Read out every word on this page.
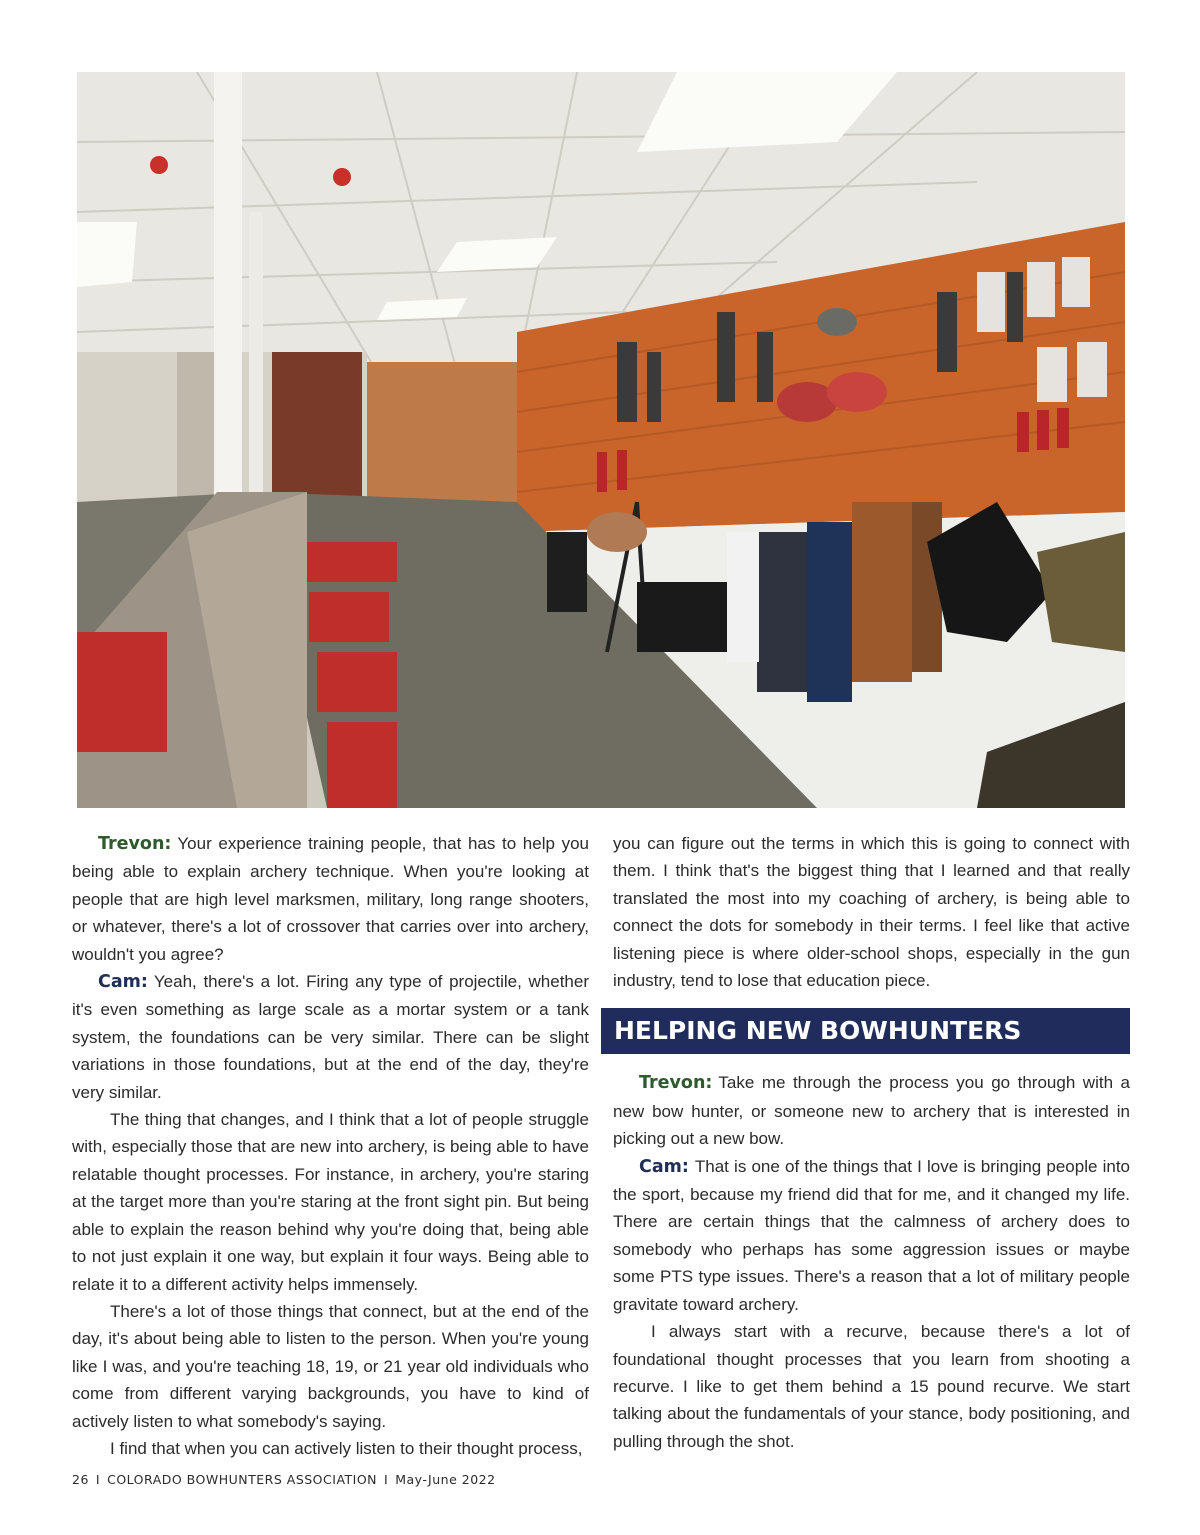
Trevon: Your experience training people, that has to help you being able to explain archery technique. When you're looking at people that are high level marksmen, military, long range shooters, or whatever, there's a lot of crossover that carries over into archery, wouldn't you agree?

Cam: Yeah, there's a lot. Firing any type of projectile, whether it's even something as large scale as a mortar system or a tank system, the foundations can be very similar. There can be slight variations in those foundations, but at the end of the day, they're very similar.

The thing that changes, and I think that a lot of people struggle with, especially those that are new into archery, is being able to have relatable thought processes. For instance, in archery, you're staring at the target more than you're staring at the front sight pin. But being able to explain the reason behind why you're doing that, being able to not just explain it one way, but explain it four ways. Being able to relate it to a different activity helps immensely.

There's a lot of those things that connect, but at the end of the day, it's about being able to listen to the person. When you're young like I was, and you're teaching 18, 19, or 21 year old individuals who come from different varying backgrounds, you have to kind of actively listen to what somebody's saying.

I find that when you can actively listen to their thought process,

you can figure out the terms in which this is going to connect with them. I think that's the biggest thing that I learned and that really translated the most into my coaching of archery, is being able to connect the dots for somebody in their terms. I feel like that active listening piece is where older-school shops, especially in the gun industry, tend to lose that education piece.

HELPING NEW BOWHUNTERS

Trevon: Take me through the process you go through with a new bow hunter, or someone new to archery that is interested in picking out a new bow.

Cam: That is one of the things that I love is bringing people into the sport, because my friend did that for me, and it changed my life. There are certain things that the calmness of archery does to somebody who perhaps has some aggression issues or maybe some PTS type issues. There's a reason that a lot of military people gravitate toward archery.

I always start with a recurve, because there's a lot of foundational thought processes that you learn from shooting a recurve. I like to get them behind a 15 pound recurve. We start talking about the fundamentals of your stance, body positioning, and pulling through the shot.

26 I COLORADO BOWHUNTERS ASSOCIATION I May-June 2022
